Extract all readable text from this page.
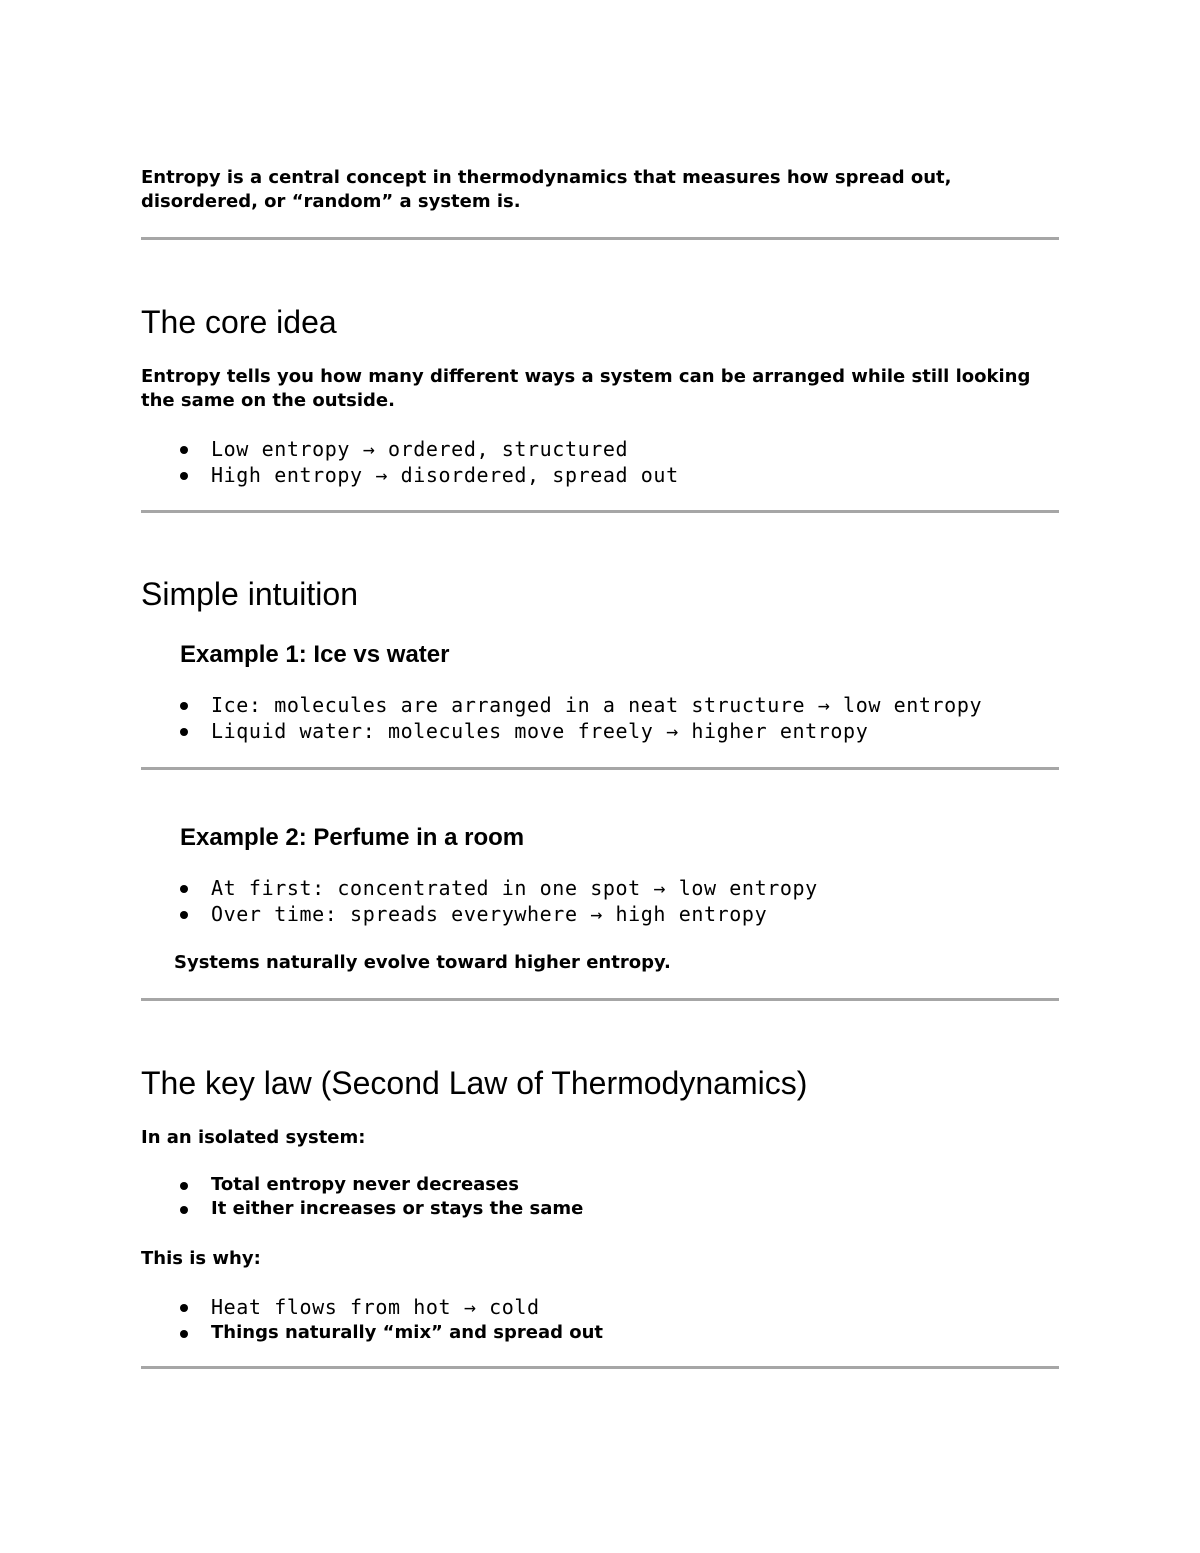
Entropy is a central concept in thermodynamics that measures how spread out, disordered, or “random” a system is.
The core idea
Entropy tells you how many different ways a system can be arranged while still looking the same on the outside.
Low entropy → ordered, structured
High entropy → disordered, spread out
Simple intuition
Example 1: Ice vs water
Ice: molecules are arranged in a neat structure → low entropy
Liquid water: molecules move freely → higher entropy
Example 2: Perfume in a room
At first: concentrated in one spot → low entropy
Over time: spreads everywhere → high entropy
Systems naturally evolve toward higher entropy.
The key law (Second Law of Thermodynamics)
In an isolated system:
Total entropy never decreases
It either increases or stays the same
This is why:
Heat flows from hot → cold
Things naturally “mix” and spread out
